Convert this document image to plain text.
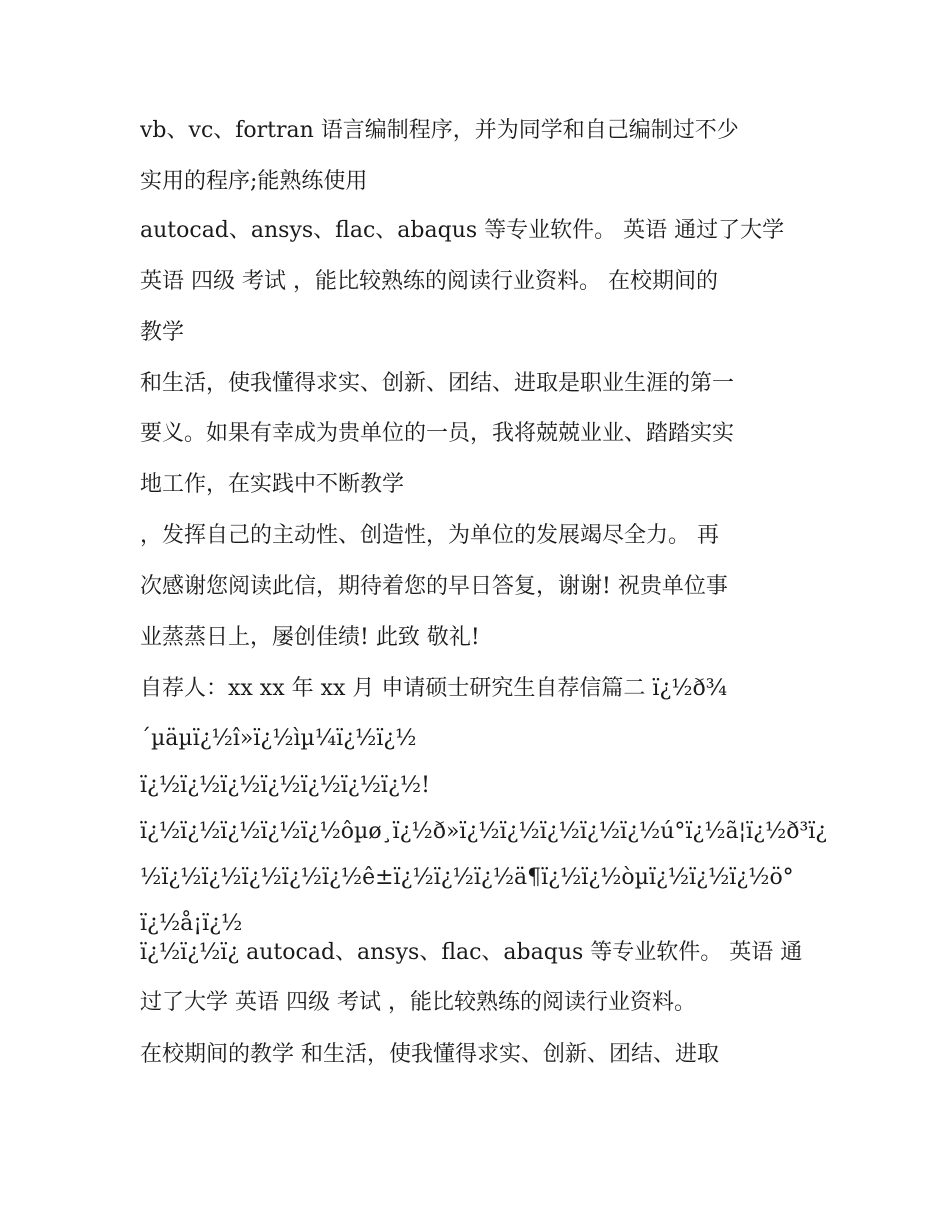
vb、vc、fortran 语言编制程序，并为同学和自己编制过不少
实用的程序;能熟练使用
autocad、ansys、flac、abaqus 等专业软件。 英语 通过了大学
英语 四级 考试 ，能比较熟练的阅读行业资料。 在校期间的
教学
和生活，使我懂得求实、创新、团结、进取是职业生涯的第一
要义。如果有幸成为贵单位的一员，我将兢兢业业、踏踏实实
地工作，在实践中不断教学
，发挥自己的主动性、创造性，为单位的发展竭尽全力。 再
次感谢您阅读此信，期待着您的早日答复，谢谢! 祝贵单位事
业蒸蒸日上，屡创佳绩! 此致 敬礼!
自荐人：xx xx 年 xx 月 申请硕士研究生自荐信篇二 ï¿½ð¾
´µäµï¿½î»ï¿½ìµ¼ï¿½ï¿½
ï¿½ï¿½ï¿½ï¿½ï¿½ï¿½ï¿½!
ï¿½ï¿½ï¿½ï¿½ï¿½ôµø¸ï¿½ð»ï¿½ï¿½ï¿½ï¿½ï¿½ú°ï¿½ã¦ï¿½ð³ï¿
½ï¿½ï¿½ï¿½ï¿½ï¿½ê±ï¿½ï¿½ï¿½ä¶ï¿½ï¿½òµï¿½ï¿½ï¿½ö°
ï¿½å¡ï¿½
ï¿½ï¿½ï¿ autocad、ansys、flac、abaqus 等专业软件。 英语 通
过了大学 英语 四级 考试 ，能比较熟练的阅读行业资料。
在校期间的教学 和生活，使我懂得求实、创新、团结、进取
